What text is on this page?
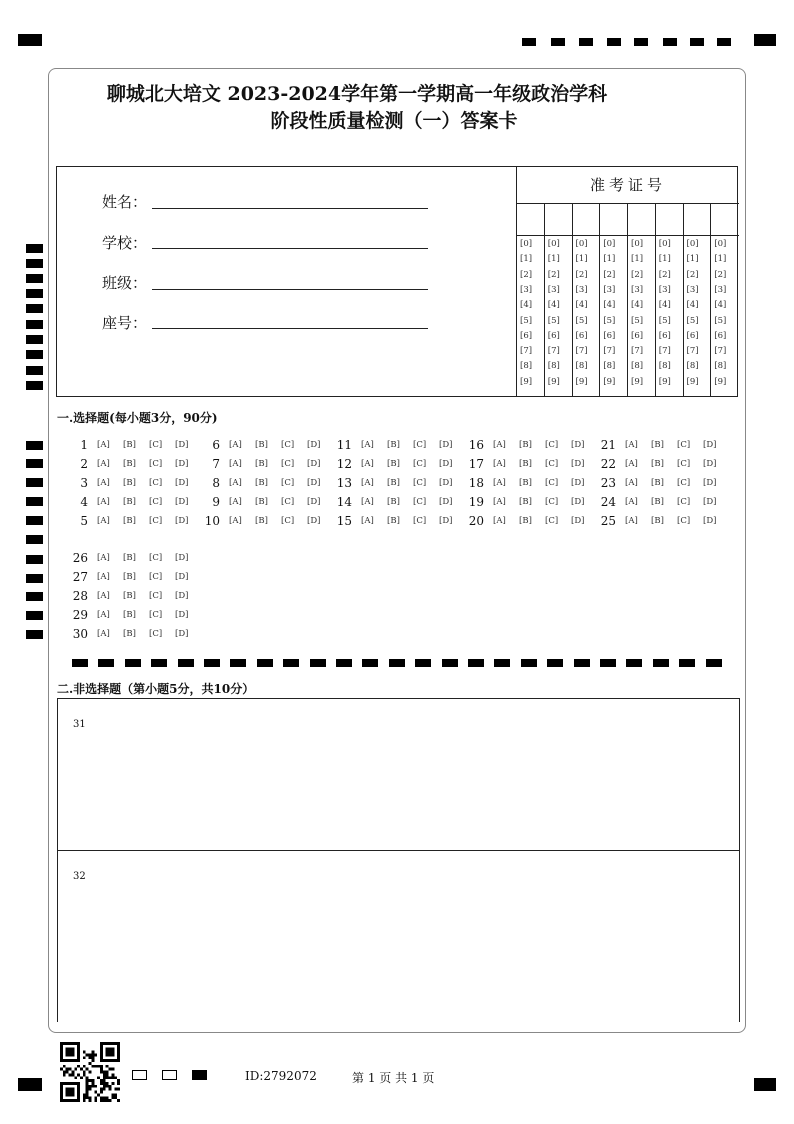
聊城北大培文 2023-2024学年第一学期高一年级政治学科
阶段性质量检测（一）答案卡
姓名：
学校：
班级：
座号：
准考证号
[0]
[1]
[2]
[3]
[4]
[5]
[6]
[7]
[8]
[9]
[0]
[1]
[2]
[3]
[4]
[5]
[6]
[7]
[8]
[9]
[0]
[1]
[2]
[3]
[4]
[5]
[6]
[7]
[8]
[9]
[0]
[1]
[2]
[3]
[4]
[5]
[6]
[7]
[8]
[9]
[0]
[1]
[2]
[3]
[4]
[5]
[6]
[7]
[8]
[9]
[0]
[1]
[2]
[3]
[4]
[5]
[6]
[7]
[8]
[9]
[0]
[1]
[2]
[3]
[4]
[5]
[6]
[7]
[8]
[9]
[0]
[1]
[2]
[3]
[4]
[5]
[6]
[7]
[8]
[9]
一.选择题(每小题3分，90分)
1 [A] [B] [C] [D]
2 [A] [B] [C] [D]
3 [A] [B] [C] [D]
4 [A] [B] [C] [D]
5 [A] [B] [C] [D]
6 [A] [B] [C] [D]
7 [A] [B] [C] [D]
8 [A] [B] [C] [D]
9 [A] [B] [C] [D]
10 [A] [B] [C] [D]
11 [A] [B] [C] [D]
12 [A] [B] [C] [D]
13 [A] [B] [C] [D]
14 [A] [B] [C] [D]
15 [A] [B] [C] [D]
16 [A] [B] [C] [D]
17 [A] [B] [C] [D]
18 [A] [B] [C] [D]
19 [A] [B] [C] [D]
20 [A] [B] [C] [D]
21 [A] [B] [C] [D]
22 [A] [B] [C] [D]
23 [A] [B] [C] [D]
24 [A] [B] [C] [D]
25 [A] [B] [C] [D]
26 [A] [B] [C] [D]
27 [A] [B] [C] [D]
28 [A] [B] [C] [D]
29 [A] [B] [C] [D]
30 [A] [B] [C] [D]
二.非选择题（第小题5分，共10分）
31
32
ID:2792072	第 1 页 共 1 页
